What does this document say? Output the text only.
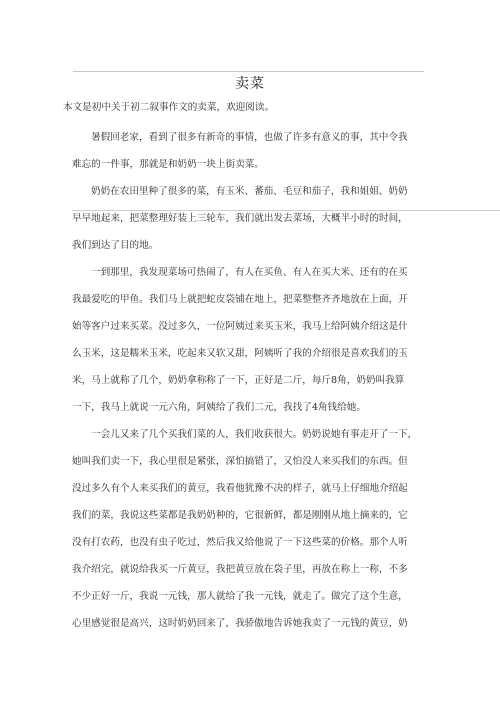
卖菜
本文是初中关于初二叙事作文的卖菜，欢迎阅读。
暑假回老家，看到了很多有新奇的事情，也做了许多有意义的事，其中令我
难忘的一件事，那就是和奶奶一块上街卖菜。
奶奶在农田里种了很多的菜，有玉米、蕃茄、毛豆和茄子，我和姐姐、奶奶
早早地起来，把菜整理好装上三轮车，我们就出发去菜场，大概半小时的时间，
我们到达了目的地。
一到那里，我发现菜场可热闹了，有人在买鱼、有人在买大米、还有的在买
我最爱吃的甲鱼。我们马上就把蛇皮袋铺在地上，把菜整整齐齐地放在上面，开
始等客户过来买菜。没过多久，一位阿姨过来买玉米，我马上给阿姨介绍这是什
么玉米，这是糯米玉米，吃起来又软又甜，阿姨听了我的介绍很是喜欢我们的玉
米，马上就称了几个，奶奶拿称称了一下，正好是二斤，每斤8角，奶奶叫我算
一下，我马上就说一元六角，阿姨给了我们二元，我找了4角钱给她。
一会儿又来了几个买我们菜的人，我们收获很大。奶奶说她有事走开了一下，
她叫我们卖一下，我心里很是紧张，深怕搞错了，又怕没人来买我们的东西。但
没过多久有个人来买我们的黄豆，我看他犹豫不决的样子，就马上仔细地介绍起
我们的菜，我说这些菜都是我奶奶种的，它很新鲜，都是刚刚从地上摘来的，它
没有打农药，也没有虫子吃过，然后我又给他说了一下这些菜的价格。那个人听
我介绍完，就说给我买一斤黄豆，我把黄豆放在袋子里，再放在称上一称，不多
不少正好一斤，我说一元钱，那人就给了我一元钱，就走了。做完了这个生意，
心里感觉很是高兴，这时奶奶回来了，我骄傲地告诉她我卖了一元钱的黄豆，奶
